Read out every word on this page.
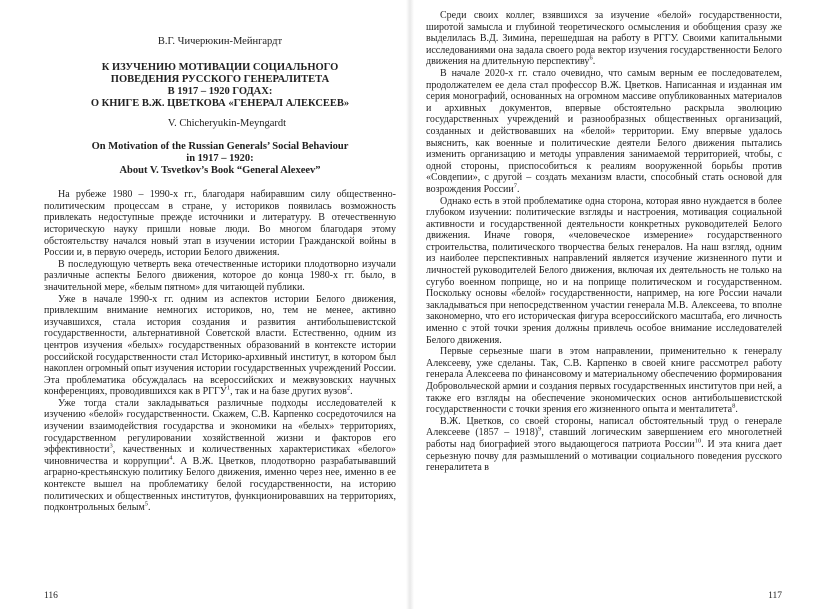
В.Г. Чичерюкин-Мейнгардт

К ИЗУЧЕНИЮ МОТИВАЦИИ СОЦИАЛЬНОГО
ПОВЕДЕНИЯ РУССКОГО ГЕНЕРАЛИТЕТА
В 1917 – 1920 ГОДАХ:
О КНИГЕ В.Ж. ЦВЕТКОВА «ГЕНЕРАЛ АЛЕКСЕЕВ»

V. Chicheryukin-Meyngardt

On Motivation of the Russian Generals’ Social Behaviour
in 1917 – 1920:
About V. Tsvetkov’s Book “General Alexeev”

На рубеже 1980 – 1990-х гг., благодаря набиравшим силу общественно-политическим процессам в стране, у историков появилась возможность привлекать недоступные прежде источники и литературу. В отечественную историческую науку пришли новые люди. Во многом благодаря этому обстоятельству начался новый этап в изучении истории Гражданской войны в России и, в первую очередь, истории Белого движения.

В последующую четверть века отечественные историки плодотворно изучали различные аспекты Белого движения, которое до конца 1980-х гг. было, в значительной мере, «белым пятном» для читающей публики.

Уже в начале 1990-х гг. одним из аспектов истории Белого движения, привлекшим внимание немногих историков, но, тем не менее, активно изучавшихся, стала история создания и развития антибольшевистской государственности, альтернативной Советской власти. Естественно, одним из центров изучения «белых» государственных образований в контексте истории российской государственности стал Историко-архивный институт, в котором был накоплен огромный опыт изучения истории государственных учреждений России. Эта проблематика обсуждалась на всероссийских и межвузовских научных конференциях, проводившихся как в РГГУ$^1$, так и на базе других вузов$^2$.

Уже тогда стали закладываться различные подходы исследователей к изучению «белой» государственности. Скажем, С.В. Карпенко сосредоточился на изучении взаимодействия государства и экономики на «белых» территориях, государственном регулировании хозяйственной жизни и факторов его эффективности$^3$, качественных и количественных характеристиках «белого» чиновничества и коррупции$^4$. А В.Ж. Цветков, плодотворно разрабатывавший аграрно-крестьянскую политику Белого движения, именно через нее, именно в ее контексте вышел на проблематику белой государственности, на историю политических и общественных институтов, функционировавших на территориях, подконтрольных белым$^5$.

116

Среди своих коллег, взявшихся за изучение «белой» государственности, широтой замысла и глубиной теоретического осмысления и обобщения сразу же выделилась В.Д. Зимина, перешедшая на работу в РГГУ. Своими капитальными исследованиями она задала своего рода вектор изучения государственности Белого движения на длительную перспективу$^6$.

В начале 2020-х гг. стало очевидно, что самым верным ее последователем, продолжателем ее дела стал профессор В.Ж. Цветков. Написанная и изданная им серия монографий, основанных на огромном массиве опубликованных материалов и архивных документов, впервые обстоятельно раскрыла эволюцию государственных учреждений и разнообразных общественных организаций, созданных и действовавших на «белой» территории. Ему впервые удалось выяснить, как военные и политические деятели Белого движения пытались изменить организацию и методы управления занимаемой территорией, чтобы, с одной стороны, приспособиться к реалиям вооруженной борьбы против «Совдепии», с другой – создать механизм власти, способный стать основой для возрождения России$^7$.

Однако есть в этой проблематике одна сторона, которая явно нуждается в более глубоком изучении: политические взгляды и настроения, мотивация социальной активности и государственной деятельности конкретных руководителей Белого движения. Иначе говоря, «человеческое измерение» государственного строительства, политического творчества белых генералов. На наш взгляд, одним из наиболее перспективных направлений является изучение жизненного пути и личностей руководителей Белого движения, включая их деятельность не только на сугубо военном поприще, но и на поприще политическом и государственном. Поскольку основы «белой» государственности, например, на юге России начали закладываться при непосредственном участии генерала М.В. Алексеева, то вполне закономерно, что его историческая фигура всероссийского масштаба, его личность именно с этой точки зрения должны привлечь особое внимание исследователей Белого движения.

Первые серьезные шаги в этом направлении, применительно к генералу Алексееву, уже сделаны. Так, С.В. Карпенко в своей книге рассмотрел работу генерала Алексеева по финансовому и материальному обеспечению формирования Добровольческой армии и создания первых государственных институтов при ней, а также его взгляды на обеспечение экономических основ антибольшевистской государственности с точки зрения его жизненного опыта и менталитета$^8$.

В.Ж. Цветков, со своей стороны, написал обстоятельный труд о генерале Алексееве (1857 – 1918)$^9$, ставший логическим завершением его многолетней работы над биографией этого выдающегося патриота России$^{10}$. И эта книга дает серьезную почву для размышлений о мотивации социального поведения русского генералитета в

117
